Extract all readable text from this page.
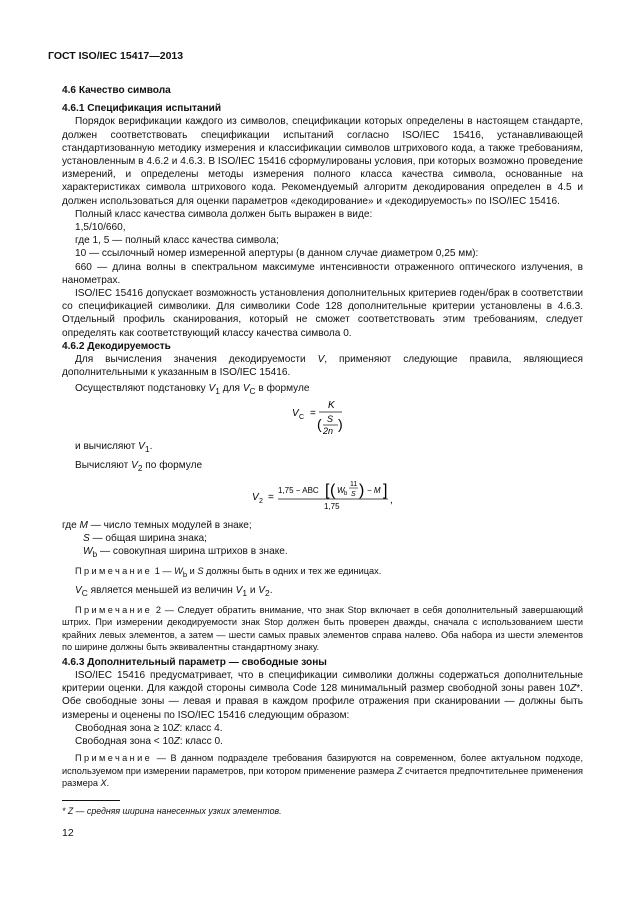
ГОСТ ISO/IEC 15417—2013

4.6 Качество символа

4.6.1 Спецификация испытаний

Порядок верификации каждого из символов, спецификации которых определены в настоящем стандарте, должен соответствовать спецификации испытаний согласно ISO/IEC 15416, устанавливающей стандартизованную методику измерения и классификации символов штрихового кода, а также требованиям, установленным в 4.6.2 и 4.6.3. В ISO/IEC 15416 сформулированы условия, при которых возможно проведение измерений, и определены методы измерения полного класса качества символа, основанные на характеристиках символа штрихового кода. Рекомендуемый алгоритм декодирования определен в 4.5 и должен использоваться для оценки параметров «декодирование» и «декодируемость» по ISO/IEC 15416.

Полный класс качества символа должен быть выражен в виде:

1,5/10/660,

где 1, 5 — полный класс качества символа;

10 — ссылочный номер измеренной апертуры (в данном случае диаметром 0,25 мм):

660 — длина волны в спектральном максимуме интенсивности отраженного оптического излучения, в нанометрах.

ISO/IEC 15416 допускает возможность установления дополнительных критериев годен/брак в соответствии со спецификацией символики. Для символики Code 128 дополнительные критерии установлены в 4.6.3. Отдельный профиль сканирования, который не сможет соответствовать этим требованиям, следует определять как соответствующий классу качества символа 0.

4.6.2 Декодируемость

Для вычисления значения декодируемости V, применяют следующие правила, являющиеся дополнительными к указанным в ISO/IEC 15416.

Осуществляют подстановку $V_1$ для $V_C$ в формуле

V C =
K
( S
2n )

и вычисляют $V_1$.

Вычисляют $V_2$ по формуле

V 2 =
1,75 − ABC [ ( W b
11
S ) − M ]
1,75
,

где M — число темных модулей в знаке;

S — общая ширина знака;

$W_b$ — совокупная ширина штрихов в знаке.

Примечание 1 — $W_b$ и S должны быть в одних и тех же единицах.

$V_C$ является меньшей из величин $V_1$ и $V_2$.

Примечание 2 — Следует обратить внимание, что знак Stop включает в себя дополнительный завершающий штрих. При измерении декодируемости знак Stop должен быть проверен дважды, сначала с использованием шести крайних левых элементов, а затем — шести самых правых элементов справа налево. Оба набора из шести элементов по ширине должны быть эквивалентны стандартному знаку.

4.6.3 Дополнительный параметр — свободные зоны

ISO/IEC 15416 предусматривает, что в спецификации символики должны содержаться дополнительные критерии оценки. Для каждой стороны символа Code 128 минимальный размер свободной зоны равен 10Z*. Обе свободные зоны — левая и правая в каждом профиле отражения при сканировании — должны быть измерены и оценены по ISO/IEC 15416 следующим образом:

Свободная зона ≥ 10Z: класс 4.

Свободная зона < 10Z: класс 0.

Примечание — В данном подразделе требования базируются на современном, более актуальном подходе, используемом при измерении параметров, при котором применение размера Z считается предпочтительнее применения размера X.

* Z — средняя ширина нанесенных узких элементов.
12
